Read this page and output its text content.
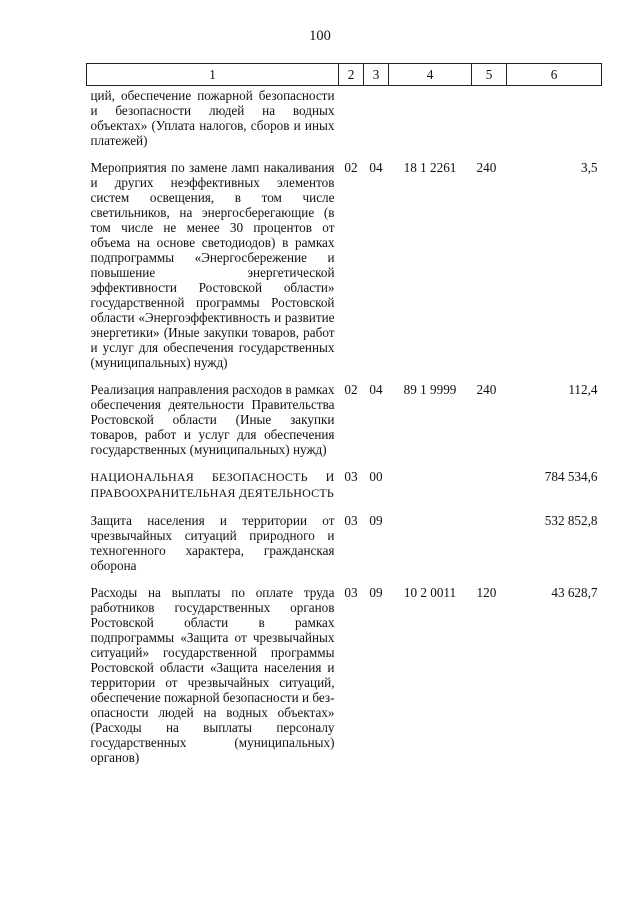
100
1	2	3	4	5	6
ций, обеспечение пожарной безопасности и безопасности людей на водных объектах» (Уплата налогов, сборов и иных платежей)					
Мероприятия по замене ламп накаливания и других неэффективных элементов систем освещения, в том числе светильников, на энергосберегающие (в том числе не менее 30 процентов от объема на основе светодиодов) в рамках подпрограммы «Энергосбережение и повышение энергетической эффективности Ростовской области» государственной программы Ростовской области «Энергоэффективность и развитие энергетики» (Иные закупки товаров, работ и услуг для обеспечения государственных (муниципальных) нужд)	02	04	18 1 2261	240	3,5
Реализация направления расходов в рамках обеспечения деятельности Правительства Ростовской области (Иные закупки товаров, работ и услуг для обеспечения государственных (муниципальных) нужд)	02	04	89 1 9999	240	112,4
НАЦИОНАЛЬНАЯ БЕЗОПАСНОСТЬ И ПРАВООХРАНИТЕЛЬНАЯ ДЕЯТЕЛЬНОСТЬ	03	00			784 534,6
Защита населения и территории от чрезвычайных ситуаций природного и техногенного характера, гражданская оборона	03	09			532 852,8
Расходы на выплаты по оплате труда работников государственных органов Ростовской области в рамках подпрограммы «Защита от чрезвычайных ситуаций» государственной программы Ростовской области «Защита населения и территории от чрезвычайных ситуаций, обеспечение пожарной безопасности и безопасности людей на водных объектах» (Расходы на выплаты персоналу государственных (муниципальных) органов)	03	09	10 2 0011	120	43 628,7
